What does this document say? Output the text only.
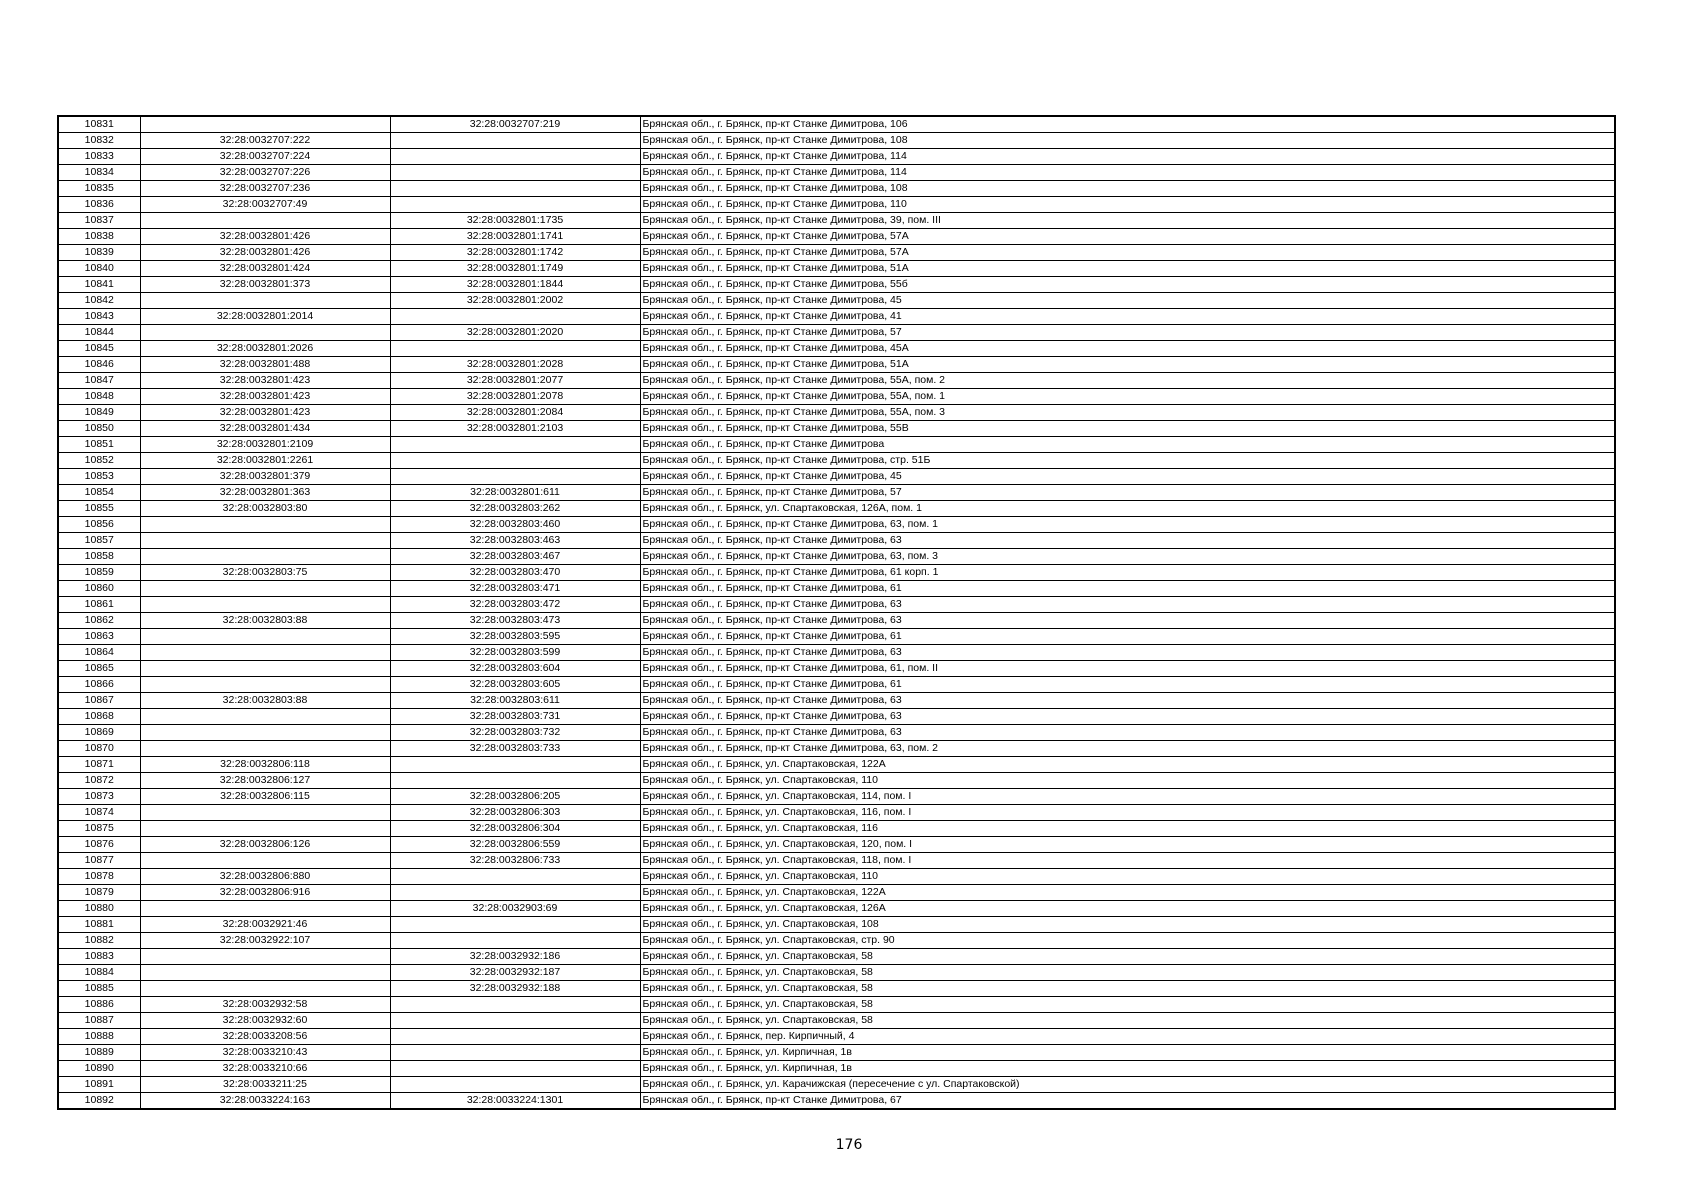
10831		32:28:0032707:219	Брянская обл., г. Брянск, пр-кт Станке Димитрова, 106
10832	32:28:0032707:222		Брянская обл., г. Брянск, пр-кт Станке Димитрова, 108
10833	32:28:0032707:224		Брянская обл., г. Брянск, пр-кт Станке Димитрова, 114
10834	32:28:0032707:226		Брянская обл., г. Брянск, пр-кт Станке Димитрова, 114
10835	32:28:0032707:236		Брянская обл., г. Брянск, пр-кт Станке Димитрова, 108
10836	32:28:0032707:49		Брянская обл., г. Брянск, пр-кт Станке Димитрова, 110
10837		32:28:0032801:1735	Брянская обл., г. Брянск, пр-кт Станке Димитрова, 39, пом. III
10838	32:28:0032801:426	32:28:0032801:1741	Брянская обл., г. Брянск, пр-кт Станке Димитрова, 57А
10839	32:28:0032801:426	32:28:0032801:1742	Брянская обл., г. Брянск, пр-кт Станке Димитрова, 57А
10840	32:28:0032801:424	32:28:0032801:1749	Брянская обл., г. Брянск, пр-кт Станке Димитрова, 51А
10841	32:28:0032801:373	32:28:0032801:1844	Брянская обл., г. Брянск, пр-кт Станке Димитрова, 55б
10842		32:28:0032801:2002	Брянская обл., г. Брянск, пр-кт Станке Димитрова, 45
10843	32:28:0032801:2014		Брянская обл., г. Брянск, пр-кт Станке Димитрова, 41
10844		32:28:0032801:2020	Брянская обл., г. Брянск, пр-кт Станке Димитрова, 57
10845	32:28:0032801:2026		Брянская обл., г. Брянск, пр-кт Станке Димитрова, 45А
10846	32:28:0032801:488	32:28:0032801:2028	Брянская обл., г. Брянск, пр-кт Станке Димитрова, 51А
10847	32:28:0032801:423	32:28:0032801:2077	Брянская обл., г. Брянск, пр-кт Станке Димитрова, 55А, пом. 2
10848	32:28:0032801:423	32:28:0032801:2078	Брянская обл., г. Брянск, пр-кт Станке Димитрова, 55А, пом. 1
10849	32:28:0032801:423	32:28:0032801:2084	Брянская обл., г. Брянск, пр-кт Станке Димитрова, 55А, пом. 3
10850	32:28:0032801:434	32:28:0032801:2103	Брянская обл., г. Брянск, пр-кт Станке Димитрова, 55В
10851	32:28:0032801:2109		Брянская обл., г. Брянск, пр-кт Станке Димитрова
10852	32:28:0032801:2261		Брянская обл., г. Брянск, пр-кт Станке Димитрова, стр. 51Б
10853	32:28:0032801:379		Брянская обл., г. Брянск, пр-кт Станке Димитрова, 45
10854	32:28:0032801:363	32:28:0032801:611	Брянская обл., г. Брянск, пр-кт Станке Димитрова, 57
10855	32:28:0032803:80	32:28:0032803:262	Брянская обл., г. Брянск, ул. Спартаковская, 126А, пом. 1
10856		32:28:0032803:460	Брянская обл., г. Брянск, пр-кт Станке Димитрова, 63, пом. 1
10857		32:28:0032803:463	Брянская обл., г. Брянск, пр-кт Станке Димитрова, 63
10858		32:28:0032803:467	Брянская обл., г. Брянск, пр-кт Станке Димитрова, 63, пом. 3
10859	32:28:0032803:75	32:28:0032803:470	Брянская обл., г. Брянск, пр-кт Станке Димитрова, 61 корп. 1
10860		32:28:0032803:471	Брянская обл., г. Брянск, пр-кт Станке Димитрова, 61
10861		32:28:0032803:472	Брянская обл., г. Брянск, пр-кт Станке Димитрова, 63
10862	32:28:0032803:88	32:28:0032803:473	Брянская обл., г. Брянск, пр-кт Станке Димитрова, 63
10863		32:28:0032803:595	Брянская обл., г. Брянск, пр-кт Станке Димитрова, 61
10864		32:28:0032803:599	Брянская обл., г. Брянск, пр-кт Станке Димитрова, 63
10865		32:28:0032803:604	Брянская обл., г. Брянск, пр-кт Станке Димитрова, 61, пом. II
10866		32:28:0032803:605	Брянская обл., г. Брянск, пр-кт Станке Димитрова, 61
10867	32:28:0032803:88	32:28:0032803:611	Брянская обл., г. Брянск, пр-кт Станке Димитрова, 63
10868		32:28:0032803:731	Брянская обл., г. Брянск, пр-кт Станке Димитрова, 63
10869		32:28:0032803:732	Брянская обл., г. Брянск, пр-кт Станке Димитрова, 63
10870		32:28:0032803:733	Брянская обл., г. Брянск, пр-кт Станке Димитрова, 63, пом. 2
10871	32:28:0032806:118		Брянская обл., г. Брянск, ул. Спартаковская, 122А
10872	32:28:0032806:127		Брянская обл., г. Брянск, ул. Спартаковская, 110
10873	32:28:0032806:115	32:28:0032806:205	Брянская обл., г. Брянск, ул. Спартаковская, 114, пом. I
10874		32:28:0032806:303	Брянская обл., г. Брянск, ул. Спартаковская, 116, пом. I
10875		32:28:0032806:304	Брянская обл., г. Брянск, ул. Спартаковская, 116
10876	32:28:0032806:126	32:28:0032806:559	Брянская обл., г. Брянск, ул. Спартаковская, 120, пом. I
10877		32:28:0032806:733	Брянская обл., г. Брянск, ул. Спартаковская, 118, пом. I
10878	32:28:0032806:880		Брянская обл., г. Брянск, ул. Спартаковская, 110
10879	32:28:0032806:916		Брянская обл., г. Брянск, ул. Спартаковская, 122А
10880		32:28:0032903:69	Брянская обл., г. Брянск, ул. Спартаковская, 126А
10881	32:28:0032921:46		Брянская обл., г. Брянск, ул. Спартаковская, 108
10882	32:28:0032922:107		Брянская обл., г. Брянск, ул. Спартаковская, стр. 90
10883		32:28:0032932:186	Брянская обл., г. Брянск, ул. Спартаковская, 58
10884		32:28:0032932:187	Брянская обл., г. Брянск, ул. Спартаковская, 58
10885		32:28:0032932:188	Брянская обл., г. Брянск, ул. Спартаковская, 58
10886	32:28:0032932:58		Брянская обл., г. Брянск, ул. Спартаковская, 58
10887	32:28:0032932:60		Брянская обл., г. Брянск, ул. Спартаковская, 58
10888	32:28:0033208:56		Брянская обл., г. Брянск, пер. Кирпичный, 4
10889	32:28:0033210:43		Брянская обл., г. Брянск, ул. Кирпичная, 1в
10890	32:28:0033210:66		Брянская обл., г. Брянск, ул. Кирпичная, 1в
10891	32:28:0033211:25		Брянская обл., г. Брянск, ул. Карачижская (пересечение с ул. Спартаковской)
10892	32:28:0033224:163	32:28:0033224:1301	Брянская обл., г. Брянск, пр-кт Станке Димитрова, 67
176
